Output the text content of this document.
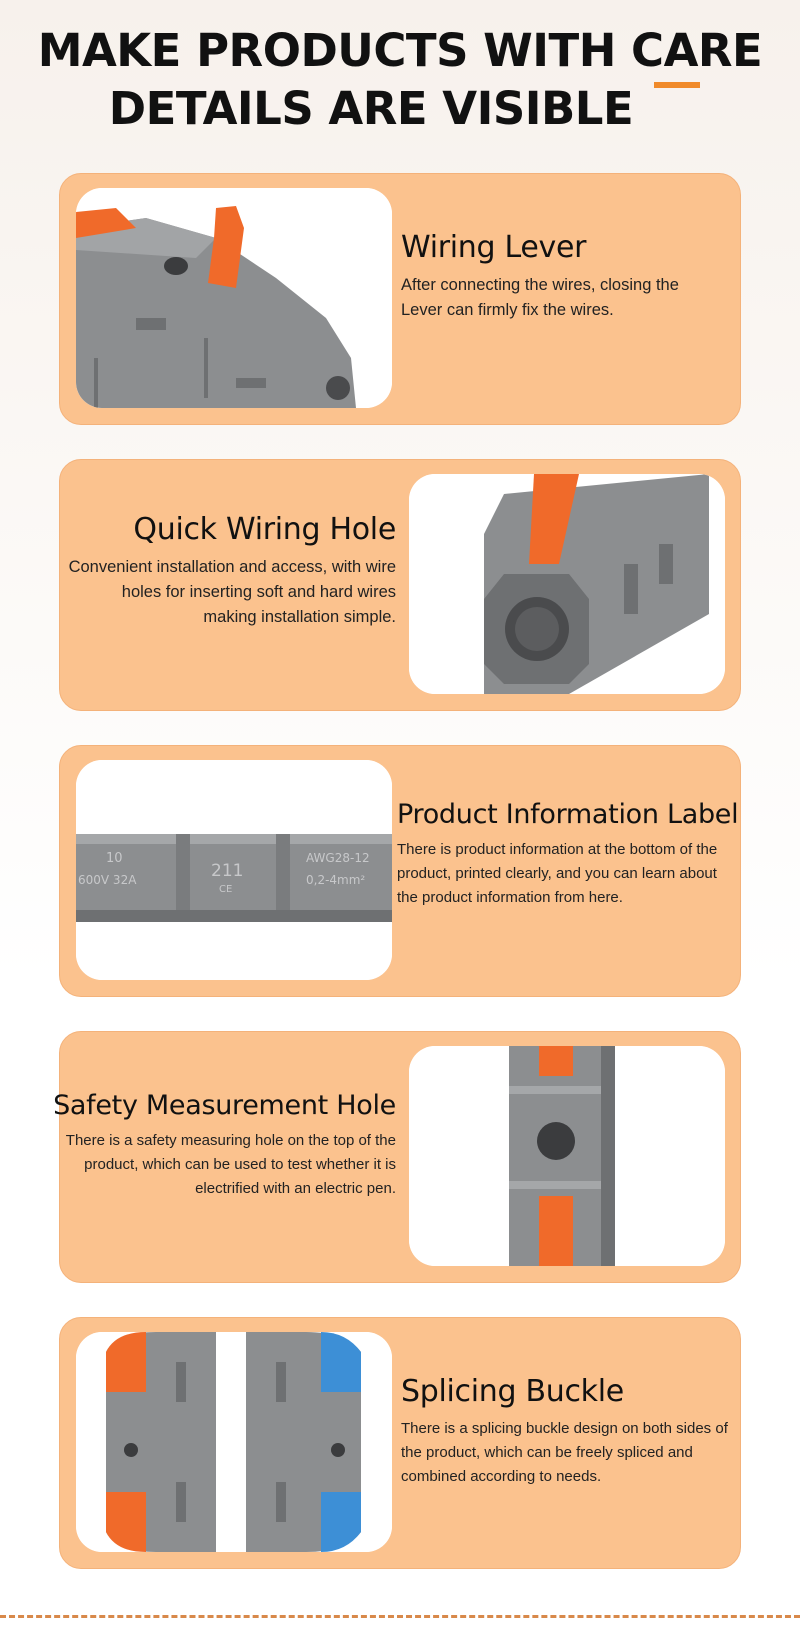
MAKE PRODUCTS WITH CARE
DETAILS ARE VISIBLE
Wiring Lever
After connecting the wires, closing the
Lever can firmly fix the wires.
Quick Wiring Hole
Convenient installation and access, with wire
holes for inserting soft and hard wires
making installation simple.
10
600V 32A	211
CE
AWG28-12
0,2-4mm²
Product Information Label
There is product information at the bottom of the
product, printed clearly, and you can learn about
the product information from here.
Safety Measurement Hole
There is a safety measuring hole on the top of the
product, which can be used to test whether it is
electrified with an electric pen.
Splicing Buckle
There is a splicing buckle design on both sides of
the product, which can be freely spliced and
combined according to needs.
